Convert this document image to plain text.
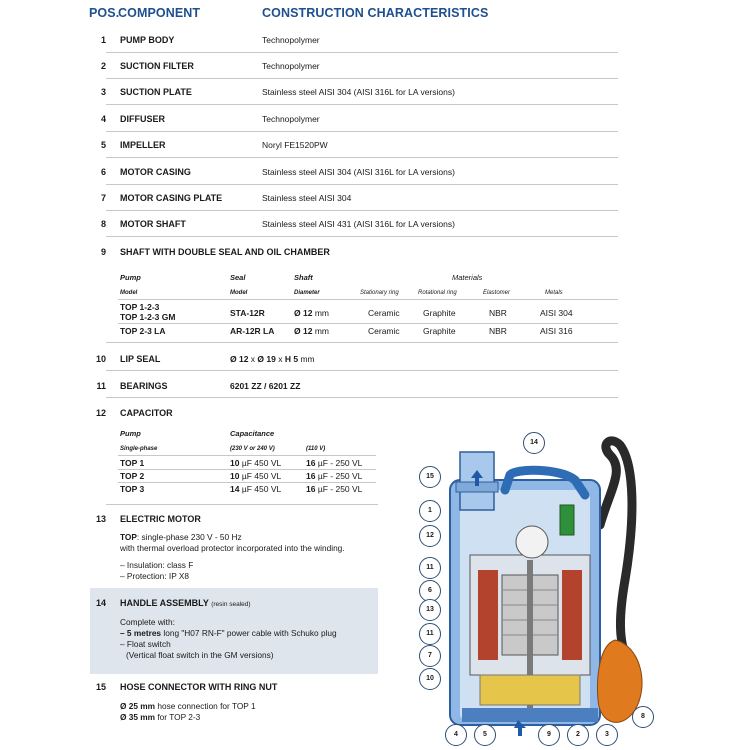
POS.
COMPONENT	CONSTRUCTION CHARACTERISTICS
1 PUMP BODY	Technopolymer
2 SUCTION FILTER	Technopolymer
3 SUCTION PLATE	Stainless steel AISI 304 (AISI 316L for LA versions)
4 DIFFUSER	Technopolymer
5 IMPELLER	Noryl FE1520PW
6 MOTOR CASING	Stainless steel AISI 304 (AISI 316L for LA versions)
7 MOTOR CASING PLATE	Stainless steel AISI 304
8 MOTOR SHAFT	Stainless steel AISI 431 (AISI 316L for LA versions)
9 SHAFT WITH DOUBLE SEAL AND OIL CHAMBER
Pump	Seal	Shaft	Materials
Model	Model	Diameter	Stationary ring	Rotational ring	Elastomer	Metals
TOP 1-2-3
TOP 1-2-3 GM	STA-12R	Ø 12 mm	Ceramic	Graphite	NBR	AISI 304
TOP 2-3 LA	AR-12R LA Ø 12 mm	Ceramic	Graphite	NBR	AISI 316
10 LIP SEAL	Ø 12 x Ø 19 x H 5 mm
11 BEARINGS	6201 ZZ / 6201 ZZ
12 CAPACITOR
Pump	Capacitance
Single-phase	(230 V or 240 V)	(110 V)
TOP 1	10 µF 450 VL	16 µF - 250 VL
TOP 2	10 µF 450 VL	16 µF - 250 VL
TOP 3	14 µF 450 VL	16 µF - 250 VL
13 ELECTRIC MOTOR
TOP: single-phase 230 V - 50 Hz
with thermal overload protector incorporated into the winding.
– Insulation: class F
– Protection: IP X8
14 HANDLE ASSEMBLY (resin sealed)
Complete with:
– 5 metres long "H07 RN-F" power cable with Schuko plug
– Float switch
(Vertical float switch in the GM versions)
15 HOSE CONNECTOR WITH RING NUT
Ø 25 mm hose connection for TOP 1
Ø 35 mm for TOP 2-3
14
15
1
12
11
6
13
11
7
10
4	5	9	2	3
8
